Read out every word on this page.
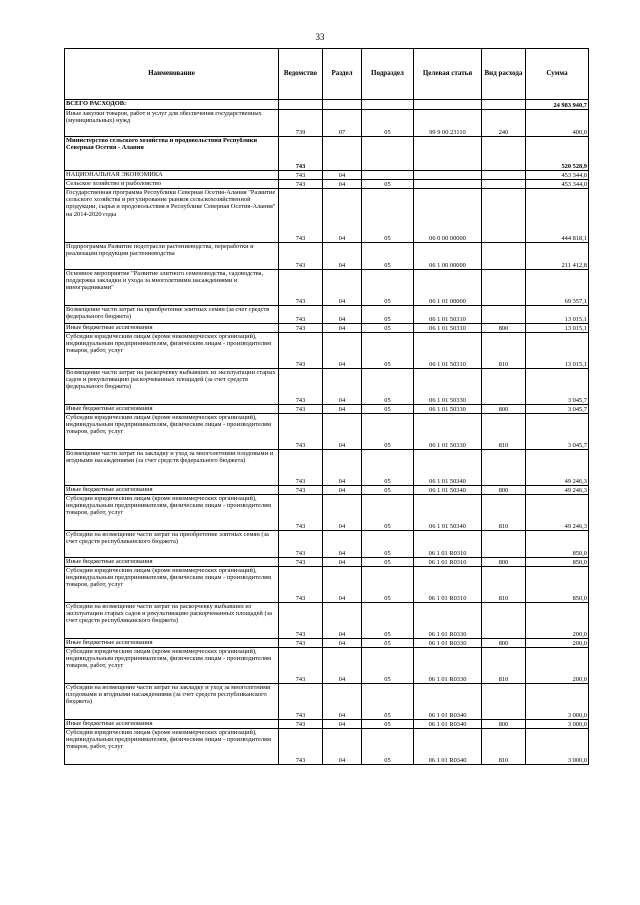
33
Наименование	Ведомство	Раздел	Подраздел	Целевая статья	Вид расхода	Сумма
ВСЕГО РАСХОДОВ:						24 983 940,7
Иные закупки товаров, работ и услуг для обеспечения государственных (муниципальных) нужд	739	07	05	99 9 00 23110	240	400,0
Министерство сельского хозяйства и продовольствия Республики Северная Осетия - Алания	743					520 528,9
НАЦИОНАЛЬНАЯ ЭКОНОМИКА	743	04				453 344,0
Сельское хозяйство и рыболовство	743	04	05			453 344,0
Государственная программа Республики Северная Осетия-Алания "Развитие сельского хозяйства и регулирование рынков сельскохозяйственной продукции, сырья и продовольствия в Республике Северная Осетия-Алания" на 2014-2020 годы	743	04	05	06 0 00 00000		444 818,1
Подпрограмма Развитие подотрасли растениеводства, переработки и реализации продукции растениеводства	743	04	05	06 1 00 00000		211 412,8
Основное мероприятие "Развитие элитного семеноводства, садоводства, поддержка закладки и ухода за многолетними насаждениями и виноградниками"	743	04	05	06 1 01 00000		69 357,1
Возмещение части затрат на приобретение элитных семян (за счет средств федерального бюджета)	743	04	05	06 1 01 50310		13 015,1
Иные бюджетные ассигнования	743	04	05	06 1 01 50310	800	13 015,1
Субсидии юридическим лицам (кроме некоммерческих организаций), индивидуальным предпринимателям, физическим лицам - производителям товаров, работ, услуг	743	04	05	06 1 01 50310	810	13 015,1
Возмещение части затрат на раскорчевку выбывших из эксплуатации старых садов и рекультивацию раскорчеванных площадей (за счет средств федерального бюджета)	743	04	05	06 1 01 50330		3 045,7
Иные бюджетные ассигнования	743	04	05	06 1 01 50330	800	3 045,7
Субсидии юридическим лицам (кроме некоммерческих организаций), индивидуальным предпринимателям, физическим лицам - производителям товаров, работ, услуг	743	04	05	06 1 01 50330	810	3 045,7
Возмещение части затрат на закладку и уход за многолетними плодовыми и ягодными насаждениями (за счет средств федерального бюджета)	743	04	05	06 1 01 50340		49 246,3
Иные бюджетные ассигнования	743	04	05	06 1 01 50340	800	49 246,3
Субсидии юридическим лицам (кроме некоммерческих организаций), индивидуальным предпринимателям, физическим лицам - производителям товаров, работ, услуг	743	04	05	06 1 01 50340	810	49 246,3
Субсидии на возмещение части затрат на приобретение элитных семян (за счет средств республиканского бюджета)	743	04	05	06 1 01 R0310		850,0
Иные бюджетные ассигнования	743	04	05	06 1 01 R0310	800	850,0
Субсидии юридическим лицам (кроме некоммерческих организаций), индивидуальным предпринимателям, физическим лицам - производителям товаров, работ, услуг	743	04	05	06 1 01 R0310	810	850,0
Субсидии на возмещение части затрат на раскорчевку выбывших из эксплуатации старых садов и рекультивацию раскорчеванных площадей (за счет средств республиканского бюджета)	743	04	05	06 1 01 R0330		200,0
Иные бюджетные ассигнования	743	04	05	06 1 01 R0330	800	200,0
Субсидии юридическим лицам (кроме некоммерческих организаций), индивидуальным предпринимателям, физическим лицам - производителям товаров, работ, услуг	743	04	05	06 1 01 R0330	810	200,0
Субсидии на возмещение части затрат на закладку и уход за многолетними плодовыми и ягодными насаждениями (за счет средств республиканского бюджета)	743	04	05	06 1 01 R0340		3 000,0
Иные бюджетные ассигнования	743	04	05	06 1 01 R0340	800	3 000,0
Субсидии юридическим лицам (кроме некоммерческих организаций), индивидуальным предпринимателям, физическим лицам - производителям товаров, работ, услуг	743	04	05	06 1 01 R0340	810	3 000,0
